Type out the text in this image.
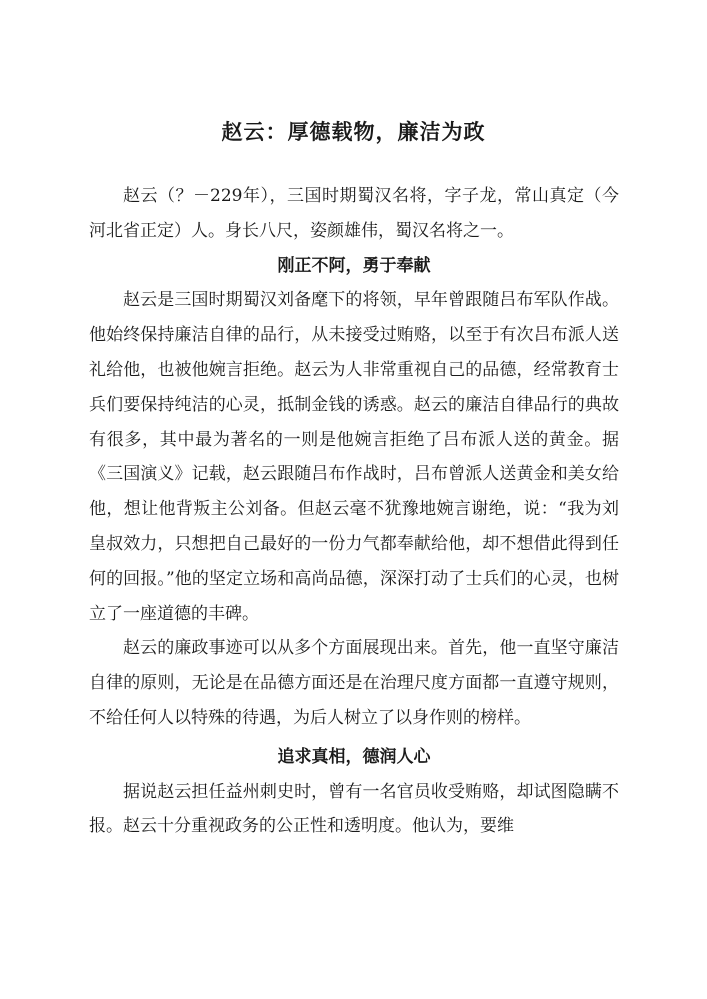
赵云：厚德载物，廉洁为政

赵云（？－229年），三国时期蜀汉名将，字子龙，常山真定（今河北省正定）人。身长八尺，姿颜雄伟，蜀汉名将之一。

刚正不阿，勇于奉献

赵云是三国时期蜀汉刘备麾下的将领，早年曾跟随吕布军队作战。他始终保持廉洁自律的品行，从未接受过贿赂，以至于有次吕布派人送礼给他，也被他婉言拒绝。赵云为人非常重视自己的品德，经常教育士兵们要保持纯洁的心灵，抵制金钱的诱惑。赵云的廉洁自律品行的典故有很多，其中最为著名的一则是他婉言拒绝了吕布派人送的黄金。据《三国演义》记载，赵云跟随吕布作战时，吕布曾派人送黄金和美女给他，想让他背叛主公刘备。但赵云毫不犹豫地婉言谢绝，说：“我为刘皇叔效力，只想把自己最好的一份力气都奉献给他，却不想借此得到任何的回报。”他的坚定立场和高尚品德，深深打动了士兵们的心灵，也树立了一座道德的丰碑。

赵云的廉政事迹可以从多个方面展现出来。首先，他一直坚守廉洁自律的原则，无论是在品德方面还是在治理尺度方面都一直遵守规则，不给任何人以特殊的待遇，为后人树立了以身作则的榜样。

追求真相，德润人心

据说赵云担任益州刺史时，曾有一名官员收受贿赂，却试图隐瞒不报。赵云十分重视政务的公正性和透明度。他认为，要维
